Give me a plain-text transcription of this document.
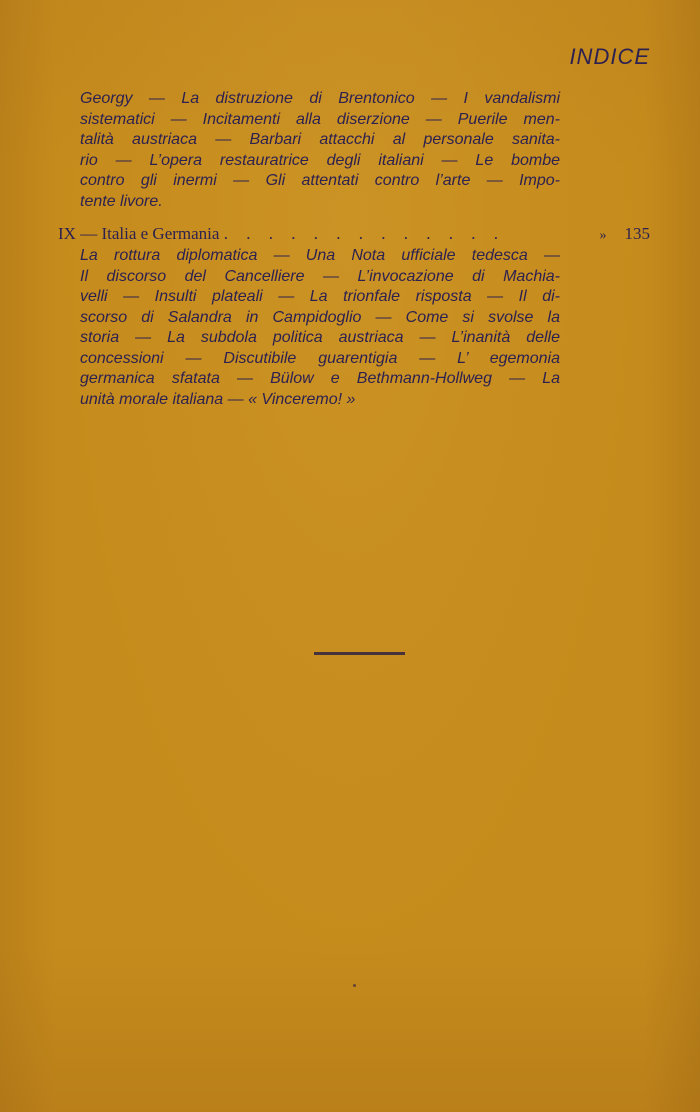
INDICE

Georgy — La distruzione di Brentonico — I vandalismi
sistematici — Incitamenti alla diserzione — Puerile men-
talità austriaca — Barbari attacchi al personale sanita-
rio — L’opera restauratrice degli italiani — Le bombe
contro gli inermi — Gli attentati contro l’arte — Impo-
tente livore.

IX — Italia e Germania . . . . . . . . . . . . .	» 135

La rottura diplomatica — Una Nota ufficiale tedesca —
Il discorso del Cancelliere — L’invocazione di Machia-
velli — Insulti plateali — La trionfale risposta — Il di-
scorso di Salandra in Campidoglio — Come si svolse la
storia — La subdola politica austriaca — L’inanità delle
concessioni — Discutibile guarentigia — L’ egemonia
germanica sfatata — Bülow e Bethmann-Hollweg — La
unità morale italiana — « Vinceremo! »
